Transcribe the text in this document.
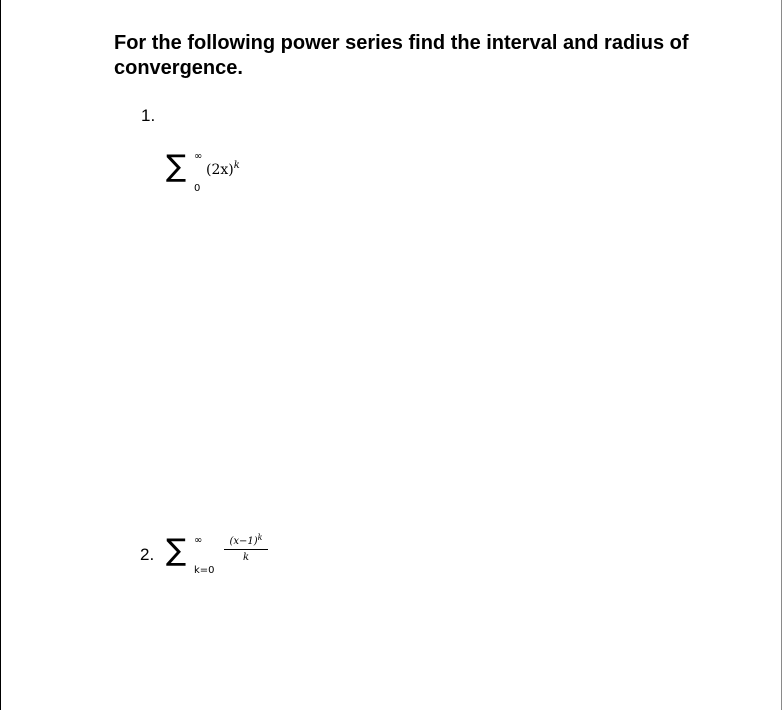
For the following power series find the interval and radius of convergence.

1.
∑ ∞
0
$(2x)^k$
2. ∑ ∞
k=0
$(x-1)^k$
k
